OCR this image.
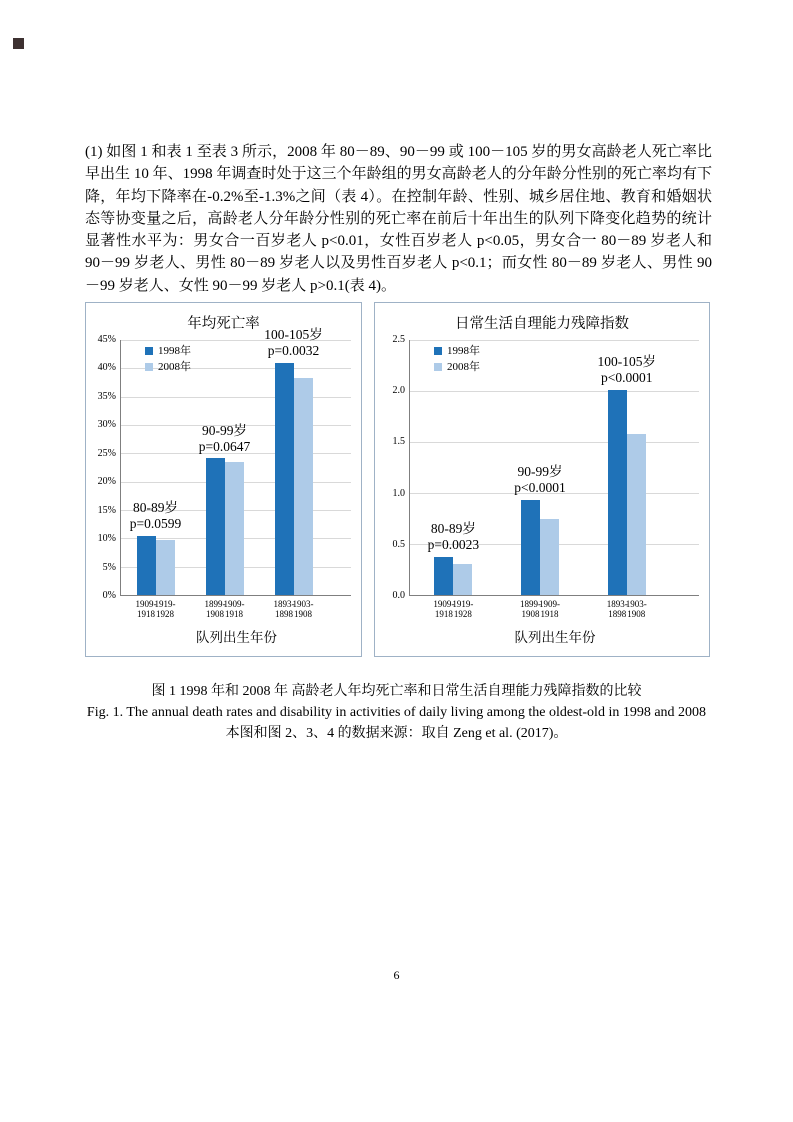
(1) 如图 1 和表 1 至表 3 所示，2008 年 80－89、90－99 或 100－105 岁的男女高龄老人死亡率比早出生 10 年、1998 年调查时处于这三个年龄组的男女高龄老人的分年龄分性别的死亡率均有下降，年均下降率在-0.2%至-1.3%之间（表 4）。在控制年龄、性别、城乡居住地、教育和婚姻状态等协变量之后，高龄老人分年龄分性别的死亡率在前后十年出生的队列下降变化趋势的统计显著性水平为：男女合一百岁老人 p<0.01，女性百岁老人 p<0.05，男女合一 80－89 岁老人和 90－99 岁老人、男性 80－89 岁老人以及男性百岁老人 p<0.1；而女性 80－89 岁老人、男性 90－99 岁老人、女性 90－99 岁老人 p>0.1(表 4)。
年均死亡率
0%
5%
10%
15%
20%
25%
30%
35%
40%
45%
1998年
2008年
80-89岁
p=0.0599
1909-
1918
1919-
1928
90-99岁
p=0.0647
1899-
1908
1909-
1918
100-105岁
p=0.0032
1893-
1898
1903-
1908
队列出生年份
日常生活自理能力残障指数
0.0
0.5
1.0
1.5
2.0
2.5
1998年
2008年
80-89岁
p=0.0023
1909-
1918
1919-
1928
90-99岁
p<0.0001
1899-
1908
1909-
1918
100-105岁
p<0.0001
1893-
1898
1903-
1908
队列出生年份
图 1 1998 年和 2008 年 高龄老人年均死亡率和日常生活自理能力残障指数的比较
Fig. 1. The annual death rates and disability in activities of daily living among the oldest-old in 1998 and 2008
本图和图 2、3、4 的数据来源：取自 Zeng et al. (2017)。
6
